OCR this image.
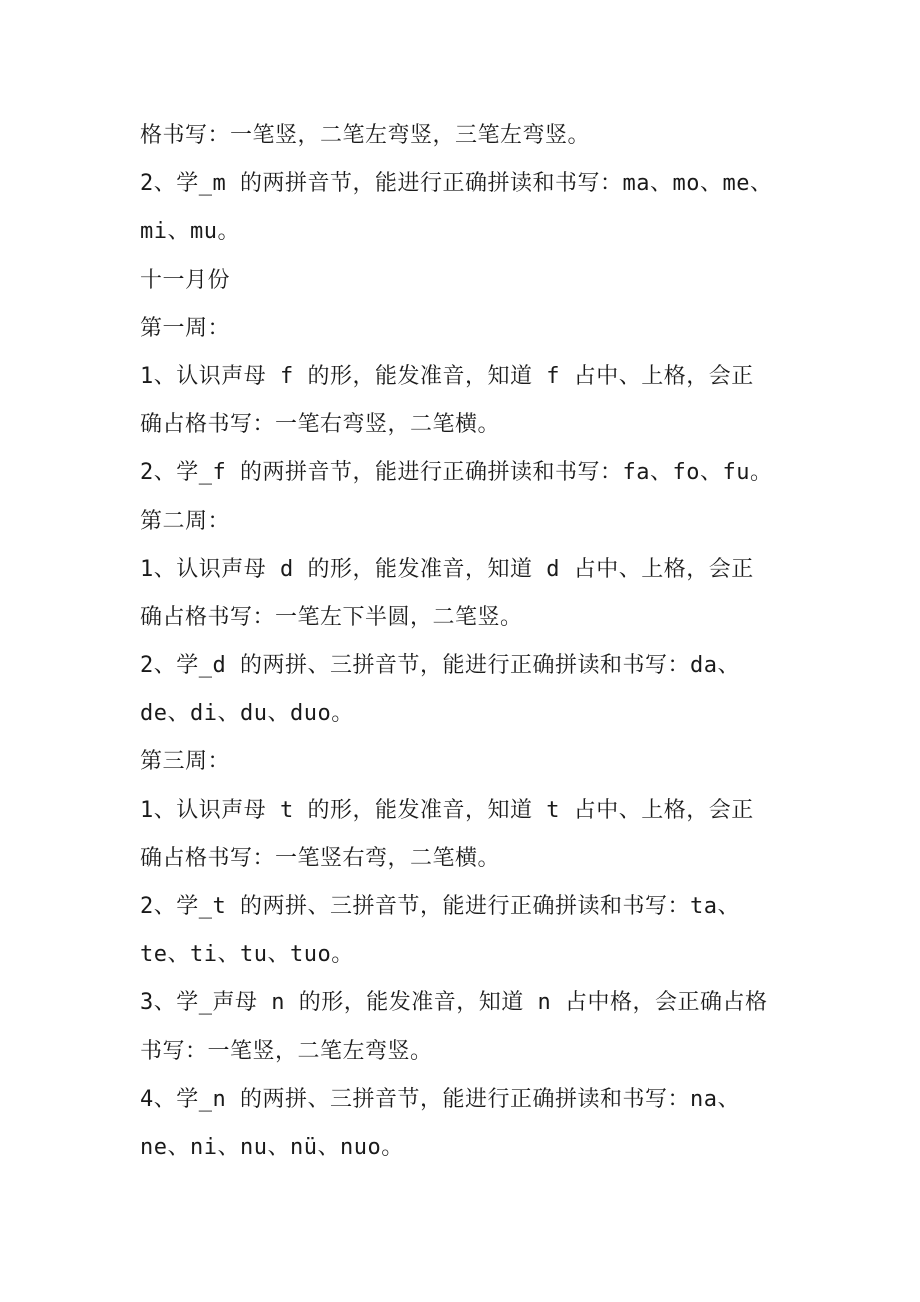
格书写：一笔竖，二笔左弯竖，三笔左弯竖。
2、学_m 的两拼音节，能进行正确拼读和书写：ma、mo、me、
mi、mu。
十一月份
第一周：
1、认识声母 f 的形，能发准音，知道 f 占中、上格，会正
确占格书写：一笔右弯竖，二笔横。
2、学_f 的两拼音节，能进行正确拼读和书写：fa、fo、fu。
第二周：
1、认识声母 d 的形，能发准音，知道 d 占中、上格，会正
确占格书写：一笔左下半圆，二笔竖。
2、学_d 的两拼、三拼音节，能进行正确拼读和书写：da、
de、di、du、duo。
第三周：
1、认识声母 t 的形，能发准音，知道 t 占中、上格，会正
确占格书写：一笔竖右弯，二笔横。
2、学_t 的两拼、三拼音节，能进行正确拼读和书写：ta、
te、ti、tu、tuo。
3、学_声母 n 的形，能发准音，知道 n 占中格，会正确占格
书写：一笔竖，二笔左弯竖。
4、学_n 的两拼、三拼音节，能进行正确拼读和书写：na、
ne、ni、nu、nü、nuo。
